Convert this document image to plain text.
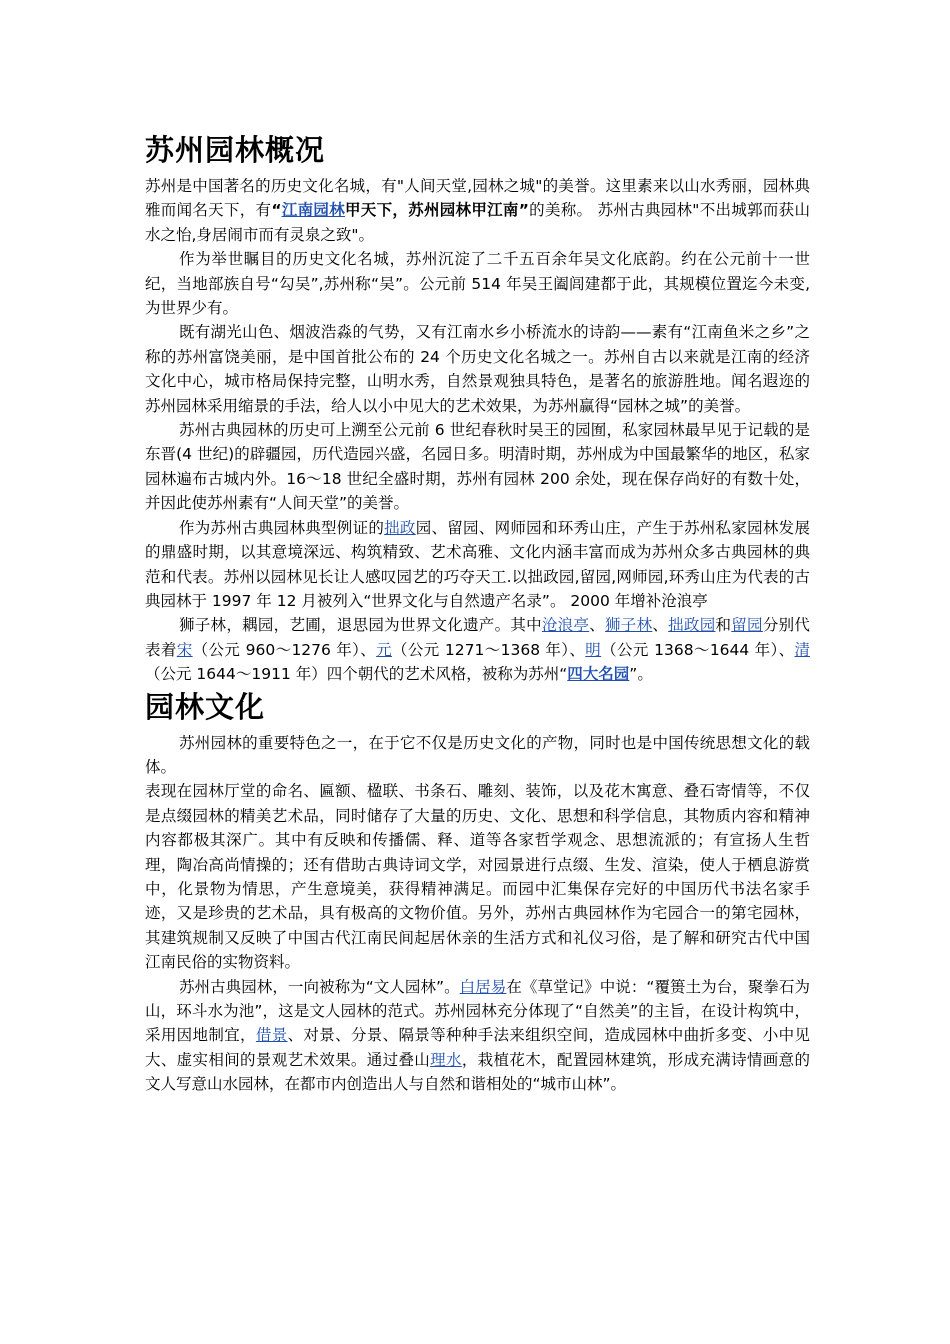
苏州园林概况

苏州是中国著名的历史文化名城，有"人间天堂,园林之城"的美誉。这里素来以山水秀丽，园林典雅而闻名天下，有“江南园林甲天下，苏州园林甲江南”的美称。 苏州古典园林"不出城郭而获山水之怡,身居闹市而有灵泉之致"。

作为举世瞩目的历史文化名城，苏州沉淀了二千五百余年吴文化底韵。约在公元前十一世纪，当地部族自号“勾吴”,苏州称“吴”。公元前 514 年吴王阖闾建都于此，其规模位置迄今未变,为世界少有。

既有湖光山色、烟波浩淼的气势，又有江南水乡小桥流水的诗韵——素有“江南鱼米之乡”之称的苏州富饶美丽，是中国首批公布的 24 个历史文化名城之一。苏州自古以来就是江南的经济文化中心，城市格局保持完整，山明水秀，自然景观独具特色，是著名的旅游胜地。闻名遐迩的苏州园林采用缩景的手法，给人以小中见大的艺术效果，为苏州赢得“园林之城”的美誉。

苏州古典园林的历史可上溯至公元前 6 世纪春秋时吴王的园囿，私家园林最早见于记载的是东晋(4 世纪)的辟疆园，历代造园兴盛，名园日多。明清时期，苏州成为中国最繁华的地区，私家园林遍布古城内外。16～18 世纪全盛时期，苏州有园林 200 余处，现在保存尚好的有数十处，并因此使苏州素有“人间天堂”的美誉。

作为苏州古典园林典型例证的拙政园、留园、网师园和环秀山庄，产生于苏州私家园林发展的鼎盛时期，以其意境深远、构筑精致、艺术高雅、文化内涵丰富而成为苏州众多古典园林的典范和代表。苏州以园林见长让人感叹园艺的巧夺天工.以拙政园,留园,网师园,环秀山庄为代表的古典园林于 1997 年 12 月被列入“世界文化与自然遗产名录”。 2000 年增补沧浪亭

狮子林，耦园，艺圃，退思园为世界文化遗产。其中沧浪亭、狮子林、拙政园和留园分别代表着宋（公元 960～1276 年）、元（公元 1271～1368 年）、明（公元 1368～1644 年）、清（公元 1644～1911 年）四个朝代的艺术风格，被称为苏州“四大名园”。

园林文化

苏州园林的重要特色之一，在于它不仅是历史文化的产物，同时也是中国传统思想文化的载体。

表现在园林厅堂的命名、匾额、楹联、书条石、雕刻、装饰，以及花木寓意、叠石寄情等，不仅是点缀园林的精美艺术品，同时储存了大量的历史、文化、思想和科学信息，其物质内容和精神内容都极其深广。其中有反映和传播儒、释、道等各家哲学观念、思想流派的；有宣扬人生哲理，陶冶高尚情操的；还有借助古典诗词文学，对园景进行点缀、生发、渲染，使人于栖息游赏中，化景物为情思，产生意境美，获得精神满足。而园中汇集保存完好的中国历代书法名家手迹，又是珍贵的艺术品，具有极高的文物价值。另外，苏州古典园林作为宅园合一的第宅园林，其建筑规制又反映了中国古代江南民间起居休亲的生活方式和礼仪习俗，是了解和研究古代中国江南民俗的实物资料。

苏州古典园林，一向被称为“文人园林”。白居易在《草堂记》中说：“覆篑土为台，聚拳石为山，环斗水为池”，这是文人园林的范式。苏州园林充分体现了“自然美”的主旨，在设计构筑中，采用因地制宜，借景、对景、分景、隔景等种种手法来组织空间，造成园林中曲折多变、小中见大、虚实相间的景观艺术效果。通过叠山理水，栽植花木，配置园林建筑，形成充满诗情画意的文人写意山水园林，在都市内创造出人与自然和谐相处的“城市山林”。
